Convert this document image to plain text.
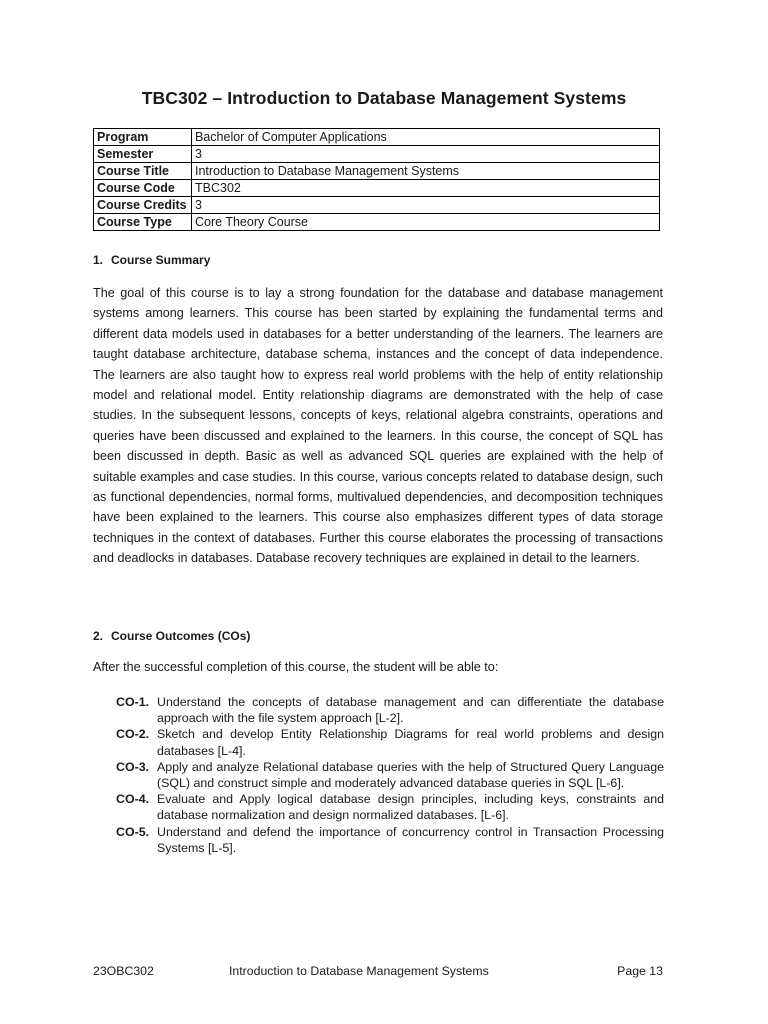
TBC302 – Introduction to Database Management Systems
Program	Bachelor of Computer Applications
Semester	3
Course Title	Introduction to Database Management Systems
Course Code	TBC302
Course Credits	3
Course Type	Core Theory Course
1. Course Summary

The goal of this course is to lay a strong foundation for the database and database management systems among learners. This course has been started by explaining the fundamental terms and different data models used in databases for a better understanding of the learners. The learners are taught database architecture, database schema, instances and the concept of data independence. The learners are also taught how to express real world problems with the help of entity relationship model and relational model. Entity relationship diagrams are demonstrated with the help of case studies. In the subsequent lessons, concepts of keys, relational algebra constraints, operations and queries have been discussed and explained to the learners. In this course, the concept of SQL has been discussed in depth. Basic as well as advanced SQL queries are explained with the help of suitable examples and case studies. In this course, various concepts related to database design, such as functional dependencies, normal forms, multivalued dependencies, and decomposition techniques have been explained to the learners. This course also emphasizes different types of data storage techniques in the context of databases. Further this course elaborates the processing of transactions and deadlocks in databases. Database recovery techniques are explained in detail to the learners.

2. Course Outcomes (COs)

After the successful completion of this course, the student will be able to:

CO-1. Understand the concepts of database management and can differentiate the database approach with the file system approach [L-2].
CO-2. Sketch and develop Entity Relationship Diagrams for real world problems and design databases [L-4].
CO-3. Apply and analyze Relational database queries with the help of Structured Query Language (SQL) and construct simple and moderately advanced database queries in SQL [L-6].
CO-4. Evaluate and Apply logical database design principles, including keys, constraints and database normalization and design normalized databases. [L-6].
CO-5. Understand and defend the importance of concurrency control in Transaction Processing Systems [L-5].
23OBC302	Introduction to Database Management Systems	Page 13
